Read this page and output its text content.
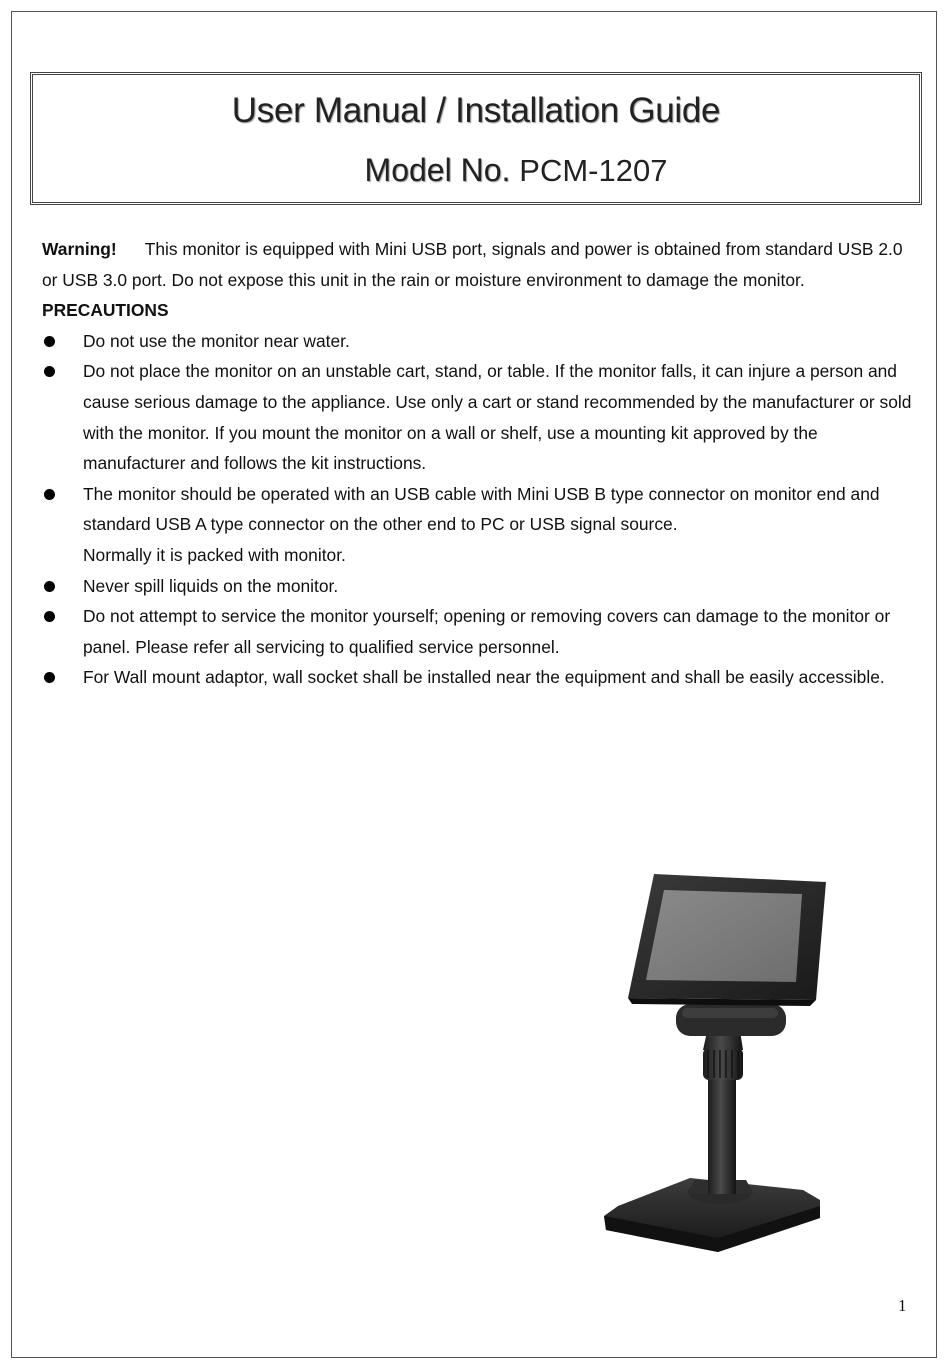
User Manual / Installation Guide
Model No. PCM-1207
Warning! This monitor is equipped with Mini USB port, signals and power is obtained from standard USB 2.0 or USB 3.0 port. Do not expose this unit in the rain or moisture environment to damage the monitor.
PRECAUTIONS
Do not use the monitor near water.
Do not place the monitor on an unstable cart, stand, or table. If the monitor falls, it can injure a person and cause serious damage to the appliance. Use only a cart or stand recommended by the manufacturer or sold with the monitor. If you mount the monitor on a wall or shelf, use a mounting kit approved by the manufacturer and follows the kit instructions.
The monitor should be operated with an USB cable with Mini USB B type connector on monitor end and standard USB A type connector on the other end to PC or USB signal source.
Normally it is packed with monitor.
Never spill liquids on the monitor.
Do not attempt to service the monitor yourself; opening or removing covers can damage to the monitor or panel. Please refer all servicing to qualified service personnel.
For Wall mount adaptor, wall socket shall be installed near the equipment and shall be easily accessible.
1
